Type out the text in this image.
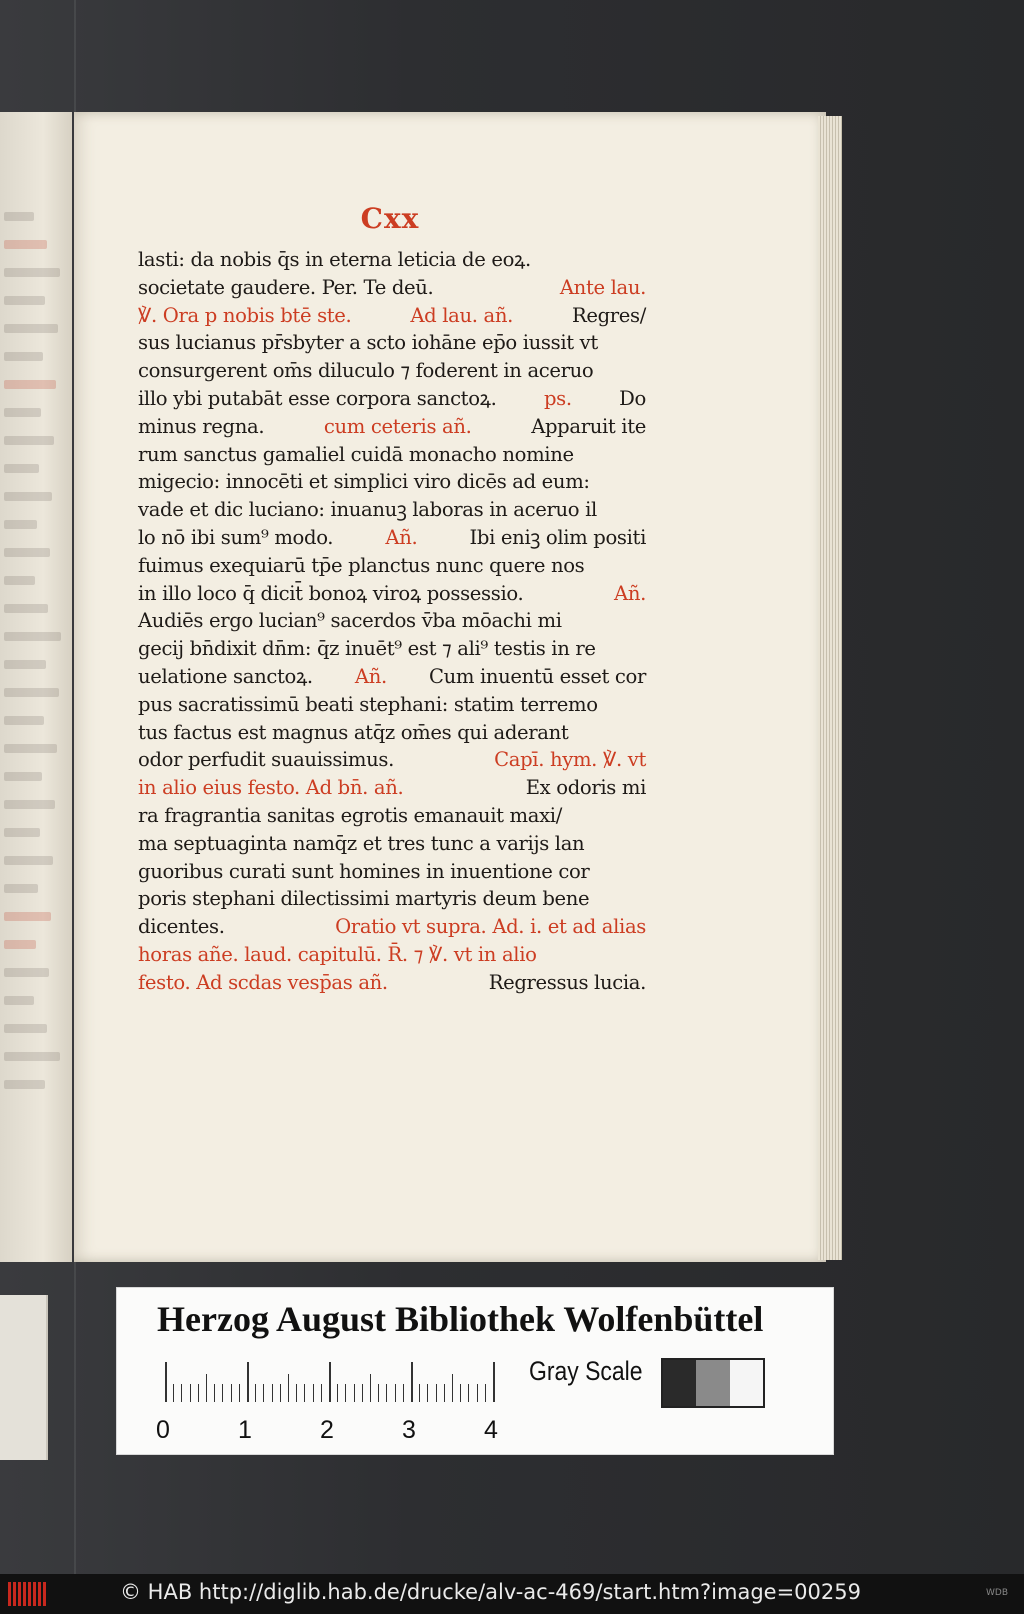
Cxx
lasti: da nobis q̄s in eterna leticia de eoꝝ.
societate gaudere. Per. Te deū.	Ante lau.
℣. Ora p nobis btē ste.	Ad lau. añ.	Regres/
sus lucianus pr̄sbyter a scto iohāne ep̄o iussit vt
consurgerent om̄s diluculo ⁊ foderent in aceruo
illo ybi putabāt esse corpora sanctoꝝ. ps. Do
minus regna.	cum ceteris añ.	Apparuit ite
rum sanctus gamaliel cuidā monacho nomine
migecio: innocēti et simplici viro dicēs ad eum:
vade et dic luciano: inuanuꝫ laboras in aceruo il
lo nō ibi sum⁹ modo.	Añ.	Ibi eniꝫ olim positi
fuimus exequiarū tp̄e planctus nunc quere nos
in illo loco q̄ dicit̄ bonoꝝ viroꝝ possessio.	Añ.
Audiēs ergo lucian⁹ sacerdos v̄ba mōachi mi
gecij bn̄dixit dn̄m: q̄z inuēt⁹ est ⁊ ali⁹ testis in re
uelatione sanctoꝝ. Añ. Cum inuentū esset cor
pus sacratissimū beati stephani: statim terremo
tus factus est magnus atq̄z om̄es qui aderant
odor perfudit suauissimus.	Capī. hym. ℣. vt
in alio eius festo. Ad bn̄. añ.	Ex odoris mi
ra fragrantia sanitas egrotis emanauit maxi/
ma septuaginta namq̄z et tres tunc a varijs lan
guoribus curati sunt homines in inuentione cor
poris stephani dilectissimi martyris deum bene
dicentes.	Oratio vt supra. Ad. i. et ad alias
horas añe. laud. capitulū. R̄. ⁊ ℣. vt in alio
festo. Ad scdas vesp̄as añ.	Regressus lucia.
Herzog August Bibliothek Wolfenbüttel
0	1	2	3	4
Gray Scale
© HAB http://diglib.hab.de/drucke/alv-ac-469/start.htm?image=00259	WDB
